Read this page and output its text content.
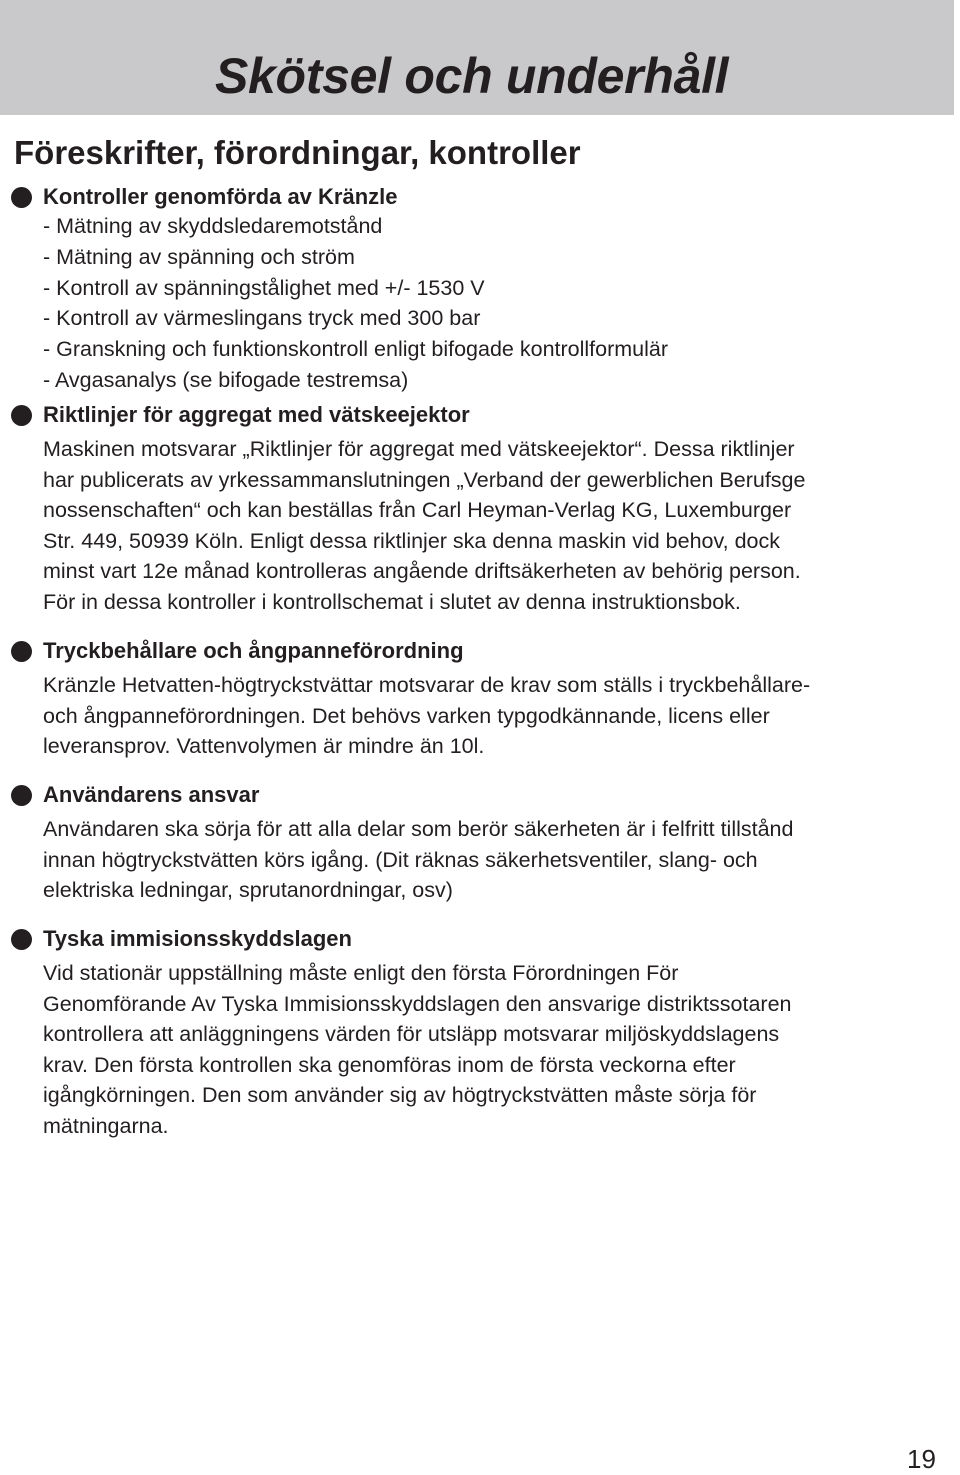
Skötsel och underhåll
Föreskrifter, förordningar, kontroller
Kontroller genomförda av Kränzle
- Mätning av skyddsledaremotstånd
- Mätning av spänning och ström
- Kontroll av spänningstålighet med +/- 1530 V
- Kontroll av värmeslingans tryck med 300 bar
- Granskning och funktionskontroll enligt bifogade kontrollformulär
- Avgasanalys (se bifogade testremsa)
Riktlinjer för aggregat med vätskeejektor

Maskinen motsvarar „Riktlinjer för aggregat med vätskeejektor“. Dessa riktlinjer
har publicerats av yrkessammanslutningen „Verband der gewerblichen Berufsge
nossenschaften“ och kan beställas från Carl Heyman-Verlag KG, Luxemburger
Str. 449, 50939 Köln. Enligt dessa riktlinjer ska denna maskin vid behov, dock
minst vart 12e månad kontrolleras angående driftsäkerheten av behörig person.
För in dessa kontroller i kontrollschemat i slutet av denna instruktionsbok.

Tryckbehållare och ångpanneförordning

Kränzle Hetvatten-högtryckstvättar motsvarar de krav som ställs i tryckbehållare-
och ångpanneförordningen. Det behövs varken typgodkännande, licens eller
leveransprov. Vattenvolymen är mindre än 10l.

Användarens ansvar

Användaren ska sörja för att alla delar som berör säkerheten är i felfritt tillstånd
innan högtryckstvätten körs igång. (Dit räknas säkerhetsventiler, slang- och
elektriska ledningar, sprutanordningar, osv)

Tyska immisionsskyddslagen

Vid stationär uppställning måste enligt den första Förordningen För
Genomförande Av Tyska Immisionsskyddslagen den ansvarige distriktssotaren
kontrollera att anläggningens värden för utsläpp motsvarar miljöskyddslagens
krav. Den första kontrollen ska genomföras inom de första veckorna efter
igångkörningen. Den som använder sig av högtryckstvätten måste sörja för
mätningarna.

19
